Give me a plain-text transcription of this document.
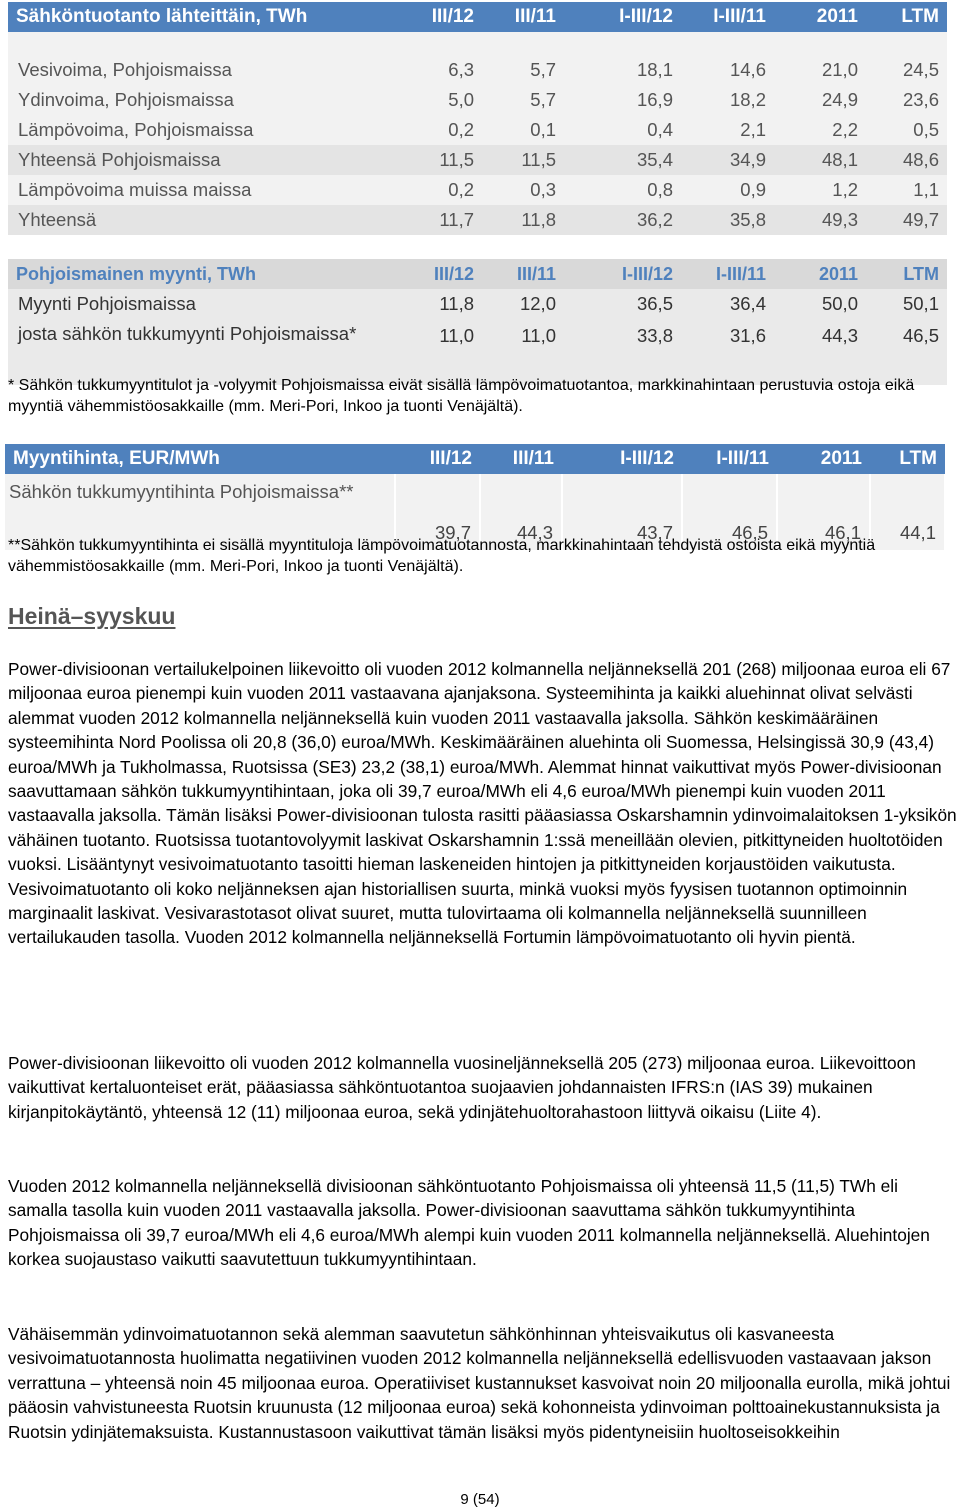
Sähköntuotanto lähteittäin, TWh	III/12	III/11	I-III/12	I-III/11	2011	LTM

Vesivoima, Pohjoismaissa	6,3	5,7	18,1	14,6	21,0	24,5
Ydinvoima, Pohjoismaissa	5,0	5,7	16,9	18,2	24,9	23,6
Lämpövoima, Pohjoismaissa	0,2	0,1	0,4	2,1	2,2	0,5
Yhteensä Pohjoismaissa	11,5	11,5	35,4	34,9	48,1	48,6
Lämpövoima muissa maissa	0,2	0,3	0,8	0,9	1,2	1,1
Yhteensä	11,7	11,8	36,2	35,8	49,3	49,7
Pohjoismainen myynti, TWh	III/12	III/11	I-III/12	I-III/11	2011	LTM
Myynti Pohjoismaissa	11,8	12,0	36,5	36,4	50,0	50,1
josta sähkön tukkumyynti Pohjoismaissa*	11,0	11,0	33,8	31,6	44,3	46,5
* Sähkön tukkumyyntitulot ja -volyymit Pohjoismaissa eivät sisällä lämpövoimatuotantoa, markkinahintaan perustuvia ostoja eikä myyntiä vähemmistöosakkaille (mm. Meri-Pori, Inkoo ja tuonti Venäjältä).
Myyntihinta, EUR/MWh	III/12	III/11	I-III/12	I-III/11	2011	LTM
Sähkön tukkumyyntihinta Pohjoismaissa**	39,7	44,3	43,7	46,5	46,1	44,1
**Sähkön tukkumyyntihinta ei sisällä myyntituloja lämpövoimatuotannosta, markkinahintaan tehdyistä ostoista eikä myyntiä vähemmistöosakkaille (mm. Meri-Pori, Inkoo ja tuonti Venäjältä).
Heinä–syyskuu

Power-divisioonan vertailukelpoinen liikevoitto oli vuoden 2012 kolmannella neljänneksellä 201 (268) miljoonaa euroa eli 67 miljoonaa euroa pienempi kuin vuoden 2011 vastaavana ajanjaksona. Systeemihinta ja kaikki aluehinnat olivat selvästi alemmat vuoden 2012 kolmannella neljänneksellä kuin vuoden 2011 vastaavalla jaksolla. Sähkön keskimääräinen systeemihinta Nord Poolissa oli 20,8 (36,0) euroa/MWh. Keskimääräinen aluehinta oli Suomessa, Helsingissä 30,9 (43,4) euroa/MWh ja Tukholmassa, Ruotsissa (SE3) 23,2 (38,1) euroa/MWh. Alemmat hinnat vaikuttivat myös Power-divisioonan saavuttamaan sähkön tukkumyyntihintaan, joka oli 39,7 euroa/MWh eli 4,6 euroa/MWh pienempi kuin vuoden 2011 vastaavalla jaksolla. Tämän lisäksi Power-divisioonan tulosta rasitti pääasiassa Oskarshamnin ydinvoimalaitoksen 1-yksikön vähäinen tuotanto. Ruotsissa tuotantovolyymit laskivat Oskarshamnin 1:ssä meneillään olevien, pitkittyneiden huoltotöiden vuoksi. Lisääntynyt vesivoimatuotanto tasoitti hieman laskeneiden hintojen ja pitkittyneiden korjaustöiden vaikutusta. Vesivoimatuotanto oli koko neljänneksen ajan historiallisen suurta, minkä vuoksi myös fyysisen tuotannon optimoinnin marginaalit laskivat. Vesivarastotasot olivat suuret, mutta tulovirtaama oli kolmannella neljänneksellä suunnilleen vertailukauden tasolla. Vuoden 2012 kolmannella neljänneksellä Fortumin lämpövoimatuotanto oli hyvin pientä.

Power-divisioonan liikevoitto oli vuoden 2012 kolmannella vuosineljänneksellä 205 (273) miljoonaa euroa. Liikevoittoon vaikuttivat kertaluonteiset erät, pääasiassa sähköntuotantoa suojaavien johdannaisten IFRS:n (IAS 39) mukainen kirjanpitokäytäntö, yhteensä 12 (11) miljoonaa euroa, sekä ydinjätehuoltorahastoon liittyvä oikaisu (Liite 4).

Vuoden 2012 kolmannella neljänneksellä divisioonan sähköntuotanto Pohjoismaissa oli yhteensä 11,5 (11,5) TWh eli samalla tasolla kuin vuoden 2011 vastaavalla jaksolla. Power-divisioonan saavuttama sähkön tukkumyyntihinta Pohjoismaissa oli 39,7 euroa/MWh eli 4,6 euroa/MWh alempi kuin vuoden 2011 kolmannella neljänneksellä. Aluehintojen korkea suojaustaso vaikutti saavutettuun tukkumyyntihintaan.

Vähäisemmän ydinvoimatuotannon sekä alemman saavutetun sähkönhinnan yhteisvaikutus oli kasvaneesta vesivoimatuotannosta huolimatta negatiivinen vuoden 2012 kolmannella neljänneksellä edellisvuoden vastaavaan jakson verrattuna – yhteensä noin 45 miljoonaa euroa. Operatiiviset kustannukset kasvoivat noin 20 miljoonalla eurolla, mikä johtui pääosin vahvistuneesta Ruotsin kruunusta (12 miljoonaa euroa) sekä kohonneista ydinvoiman polttoainekustannuksista ja Ruotsin ydinjätemaksuista. Kustannustasoon vaikuttivat tämän lisäksi myös pidentyneisiin huoltoseisokkeihin

9 (54)
